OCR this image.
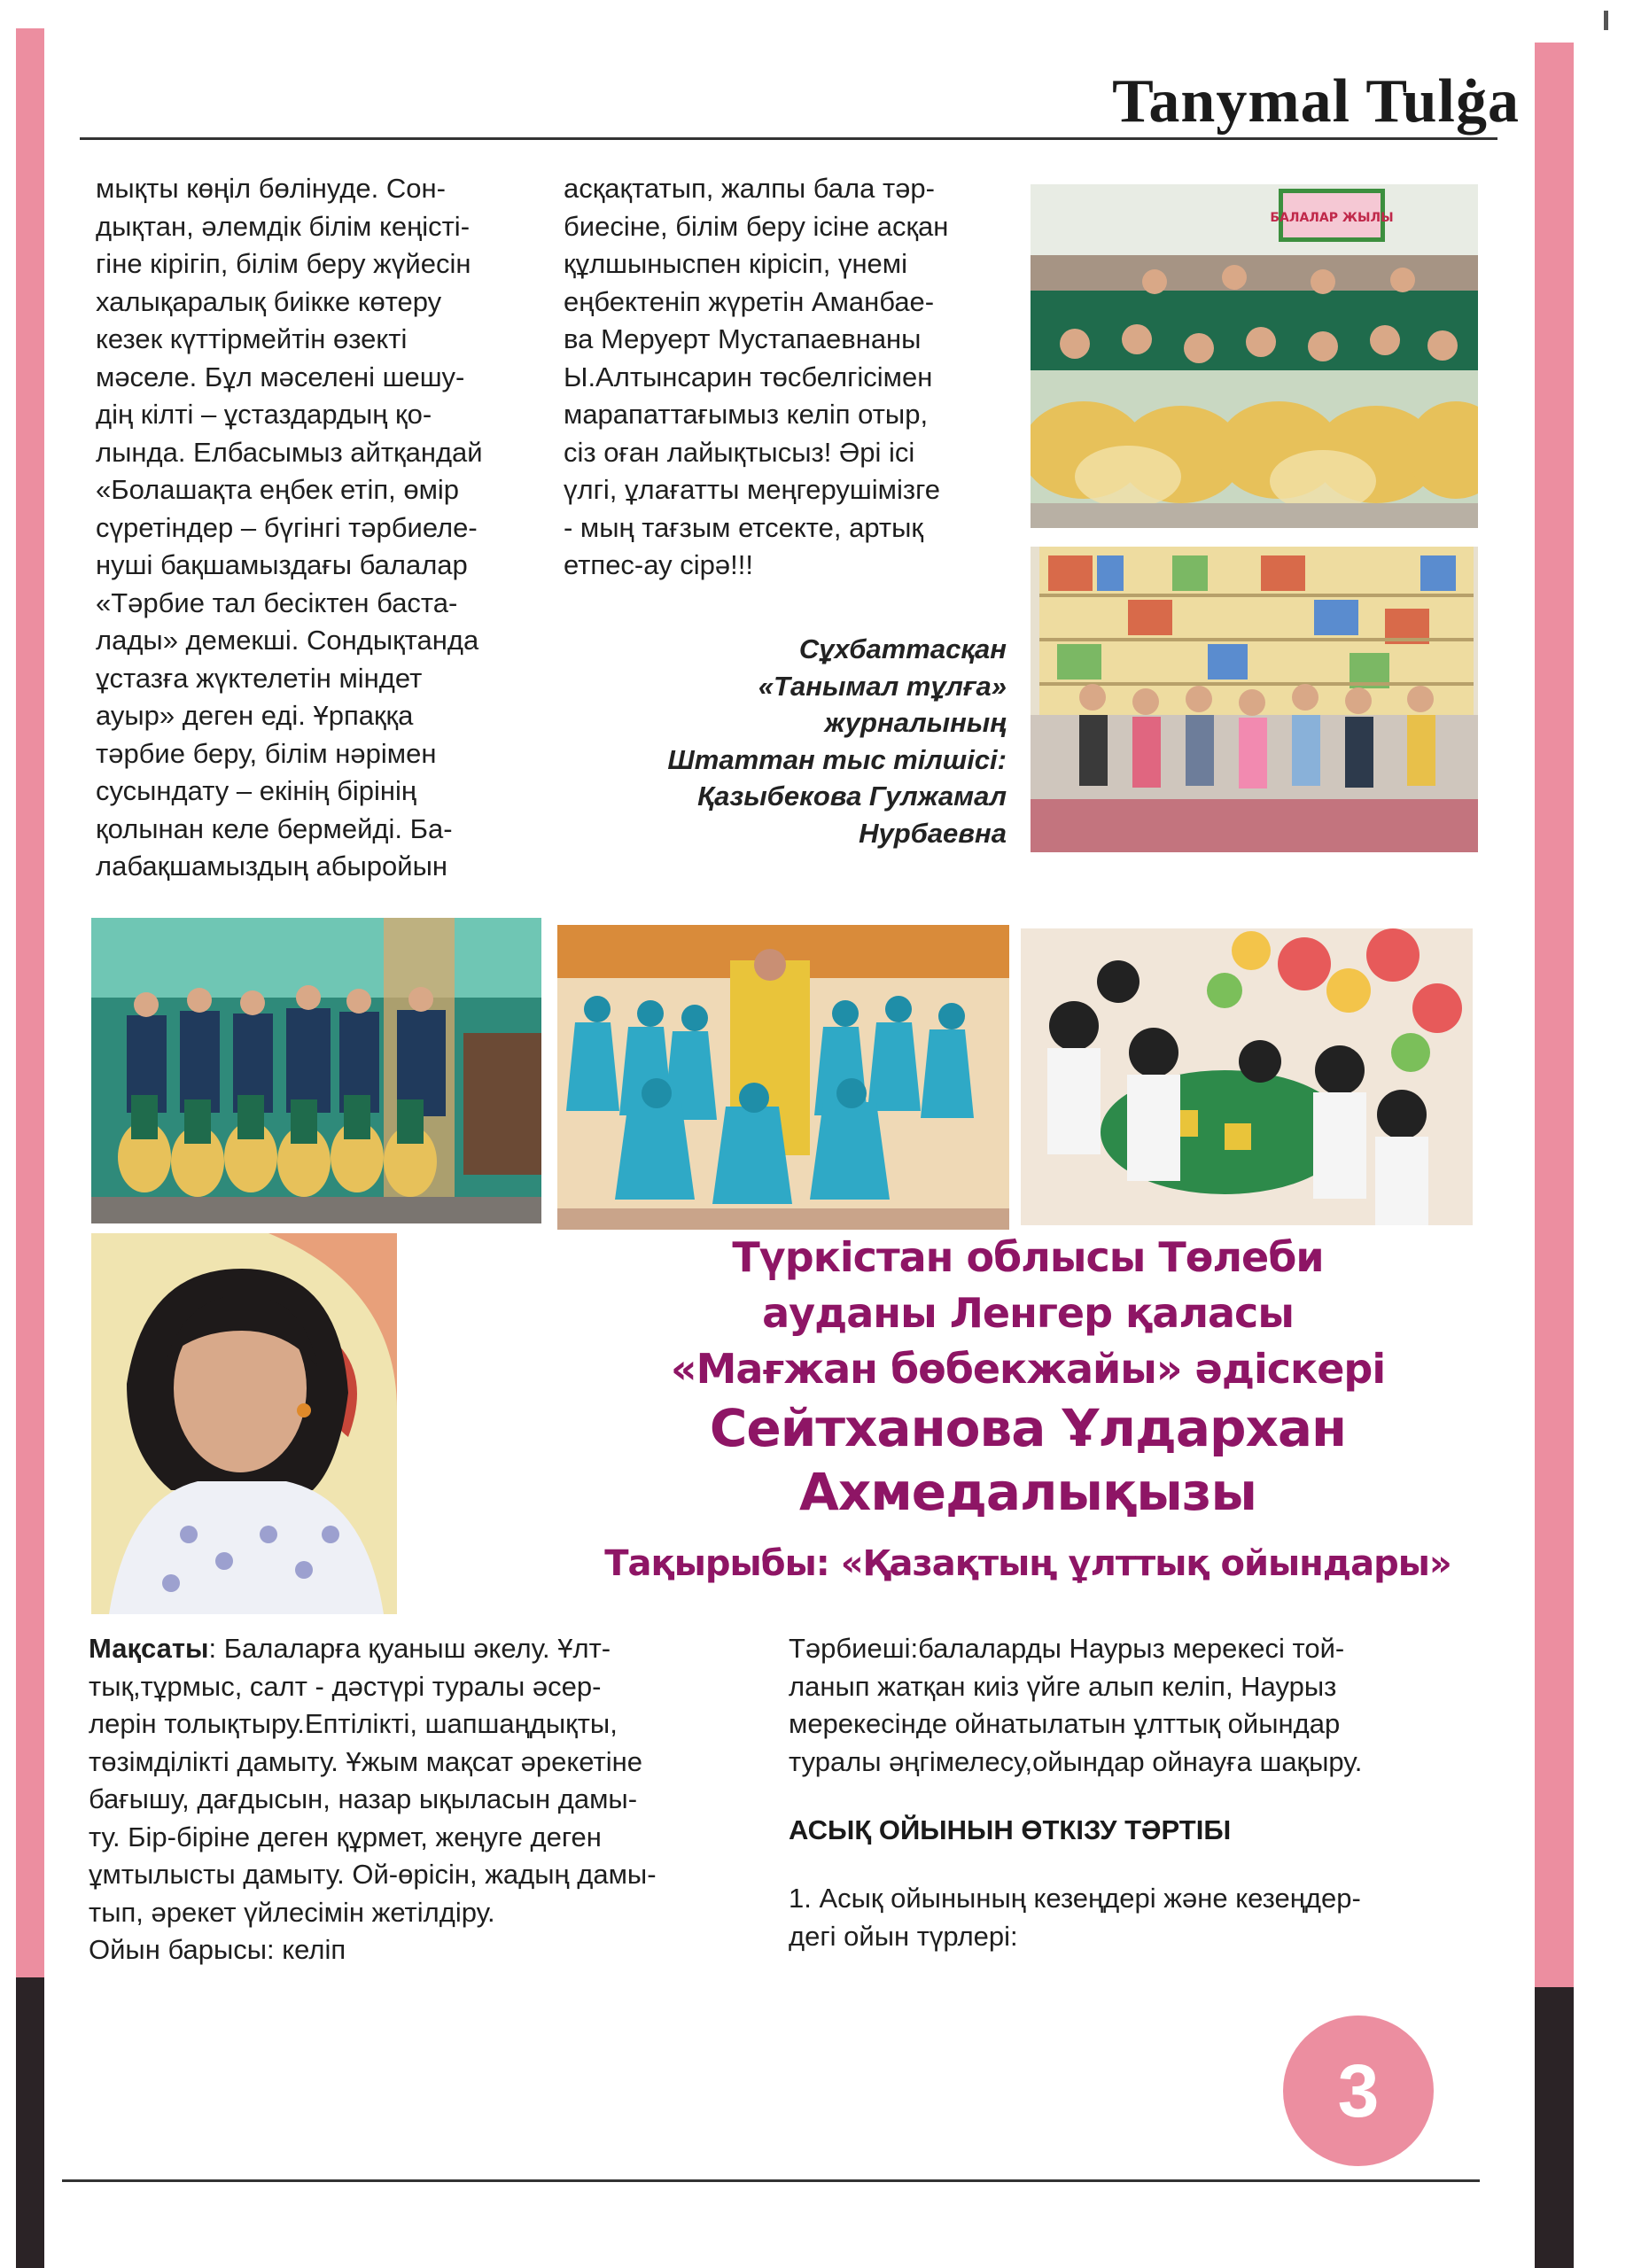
Tanymal Tulġa
мықты көңіл бөлінуде. Сон-
дықтан, әлемдік білім кеңісті-
гіне кірігіп, білім беру жүйесін
халықаралық биікке көтеру
кезек күттірмейтін өзекті
мәселе. Бұл мәселені шешу-
дің кілті – ұстаздардың қо-
лында. Елбасымыз айтқандай
«Болашақта еңбек етіп, өмір
сүретіндер – бүгінгі тәрбиеле-
нуші бақшамыздағы балалар
«Тәрбие тал бесіктен баста-
лады» демекші. Сондықтанда
ұстазға жүктелетін міндет
ауыр» деген еді. Ұрпаққа
тәрбие беру, білім нәрімен
сусындату – екінің бірінің
қолынан келе бермейді. Ба-
лабақшамыздың абыройын
асқақтатып, жалпы бала тәр-
биесіне, білім беру ісіне асқан
құлшыныспен кірісіп, үнемі
еңбектеніп жүретін Аманбае-
ва Меруерт Мустапаевнаны
Ы.Алтынсарин төсбелгісімен
марапаттағымыз келіп отыр,
сіз оған лайықтысыз! Әрі ісі
үлгі, ұлағатты меңгерушімізге
- мың тағзым етсекте, артық
етпес-ау сірә!!!
Сұхбаттасқан
«Танымал тұлға»
журналының
Штаттан тыс тілшісі:
Қазыбекова Гулжамал
Нурбаевна
БАЛАЛАР ЖЫЛЫ
Түркістан облысы Төлеби
ауданы Ленгер қаласы
«Мағжан бөбекжайы» әдіскері
Сейтханова Ұлдархан
Ахмедалықызы
Тақырыбы: «Қазақтың ұлттық ойындары»
Мақсаты: Балаларға қуаныш әкелу. Ұлт-
тық,тұрмыс, салт - дәстүрі туралы әсер-
лерін толықтыру.Ептілікті, шапшаңдықты,
төзімділікті дамыту. Ұжым мақсат әрекетіне
бағышу, дағдысын, назар ықыласын дамы-
ту. Бір-біріне деген құрмет, жеңуге деген
ұмтылысты дамыту. Ой-өрісін, жадың дамы-
тып, әрекет үйлесімін жетілдіру.
Ойын барысы: келіп
Тәрбиеші:балаларды Наурыз мерекесі той-
ланып жатқан киіз үйге алып келіп, Наурыз
мерекесінде ойнатылатын ұлттық ойындар
туралы әңгімелесу,ойындар ойнауға шақыру.
АСЫҚ ОЙЫНЫН ӨТКІЗУ ТӘРТІБІ
1. Асық ойынының кезеңдері және кезеңдер-
дегі ойын түрлері:
3
